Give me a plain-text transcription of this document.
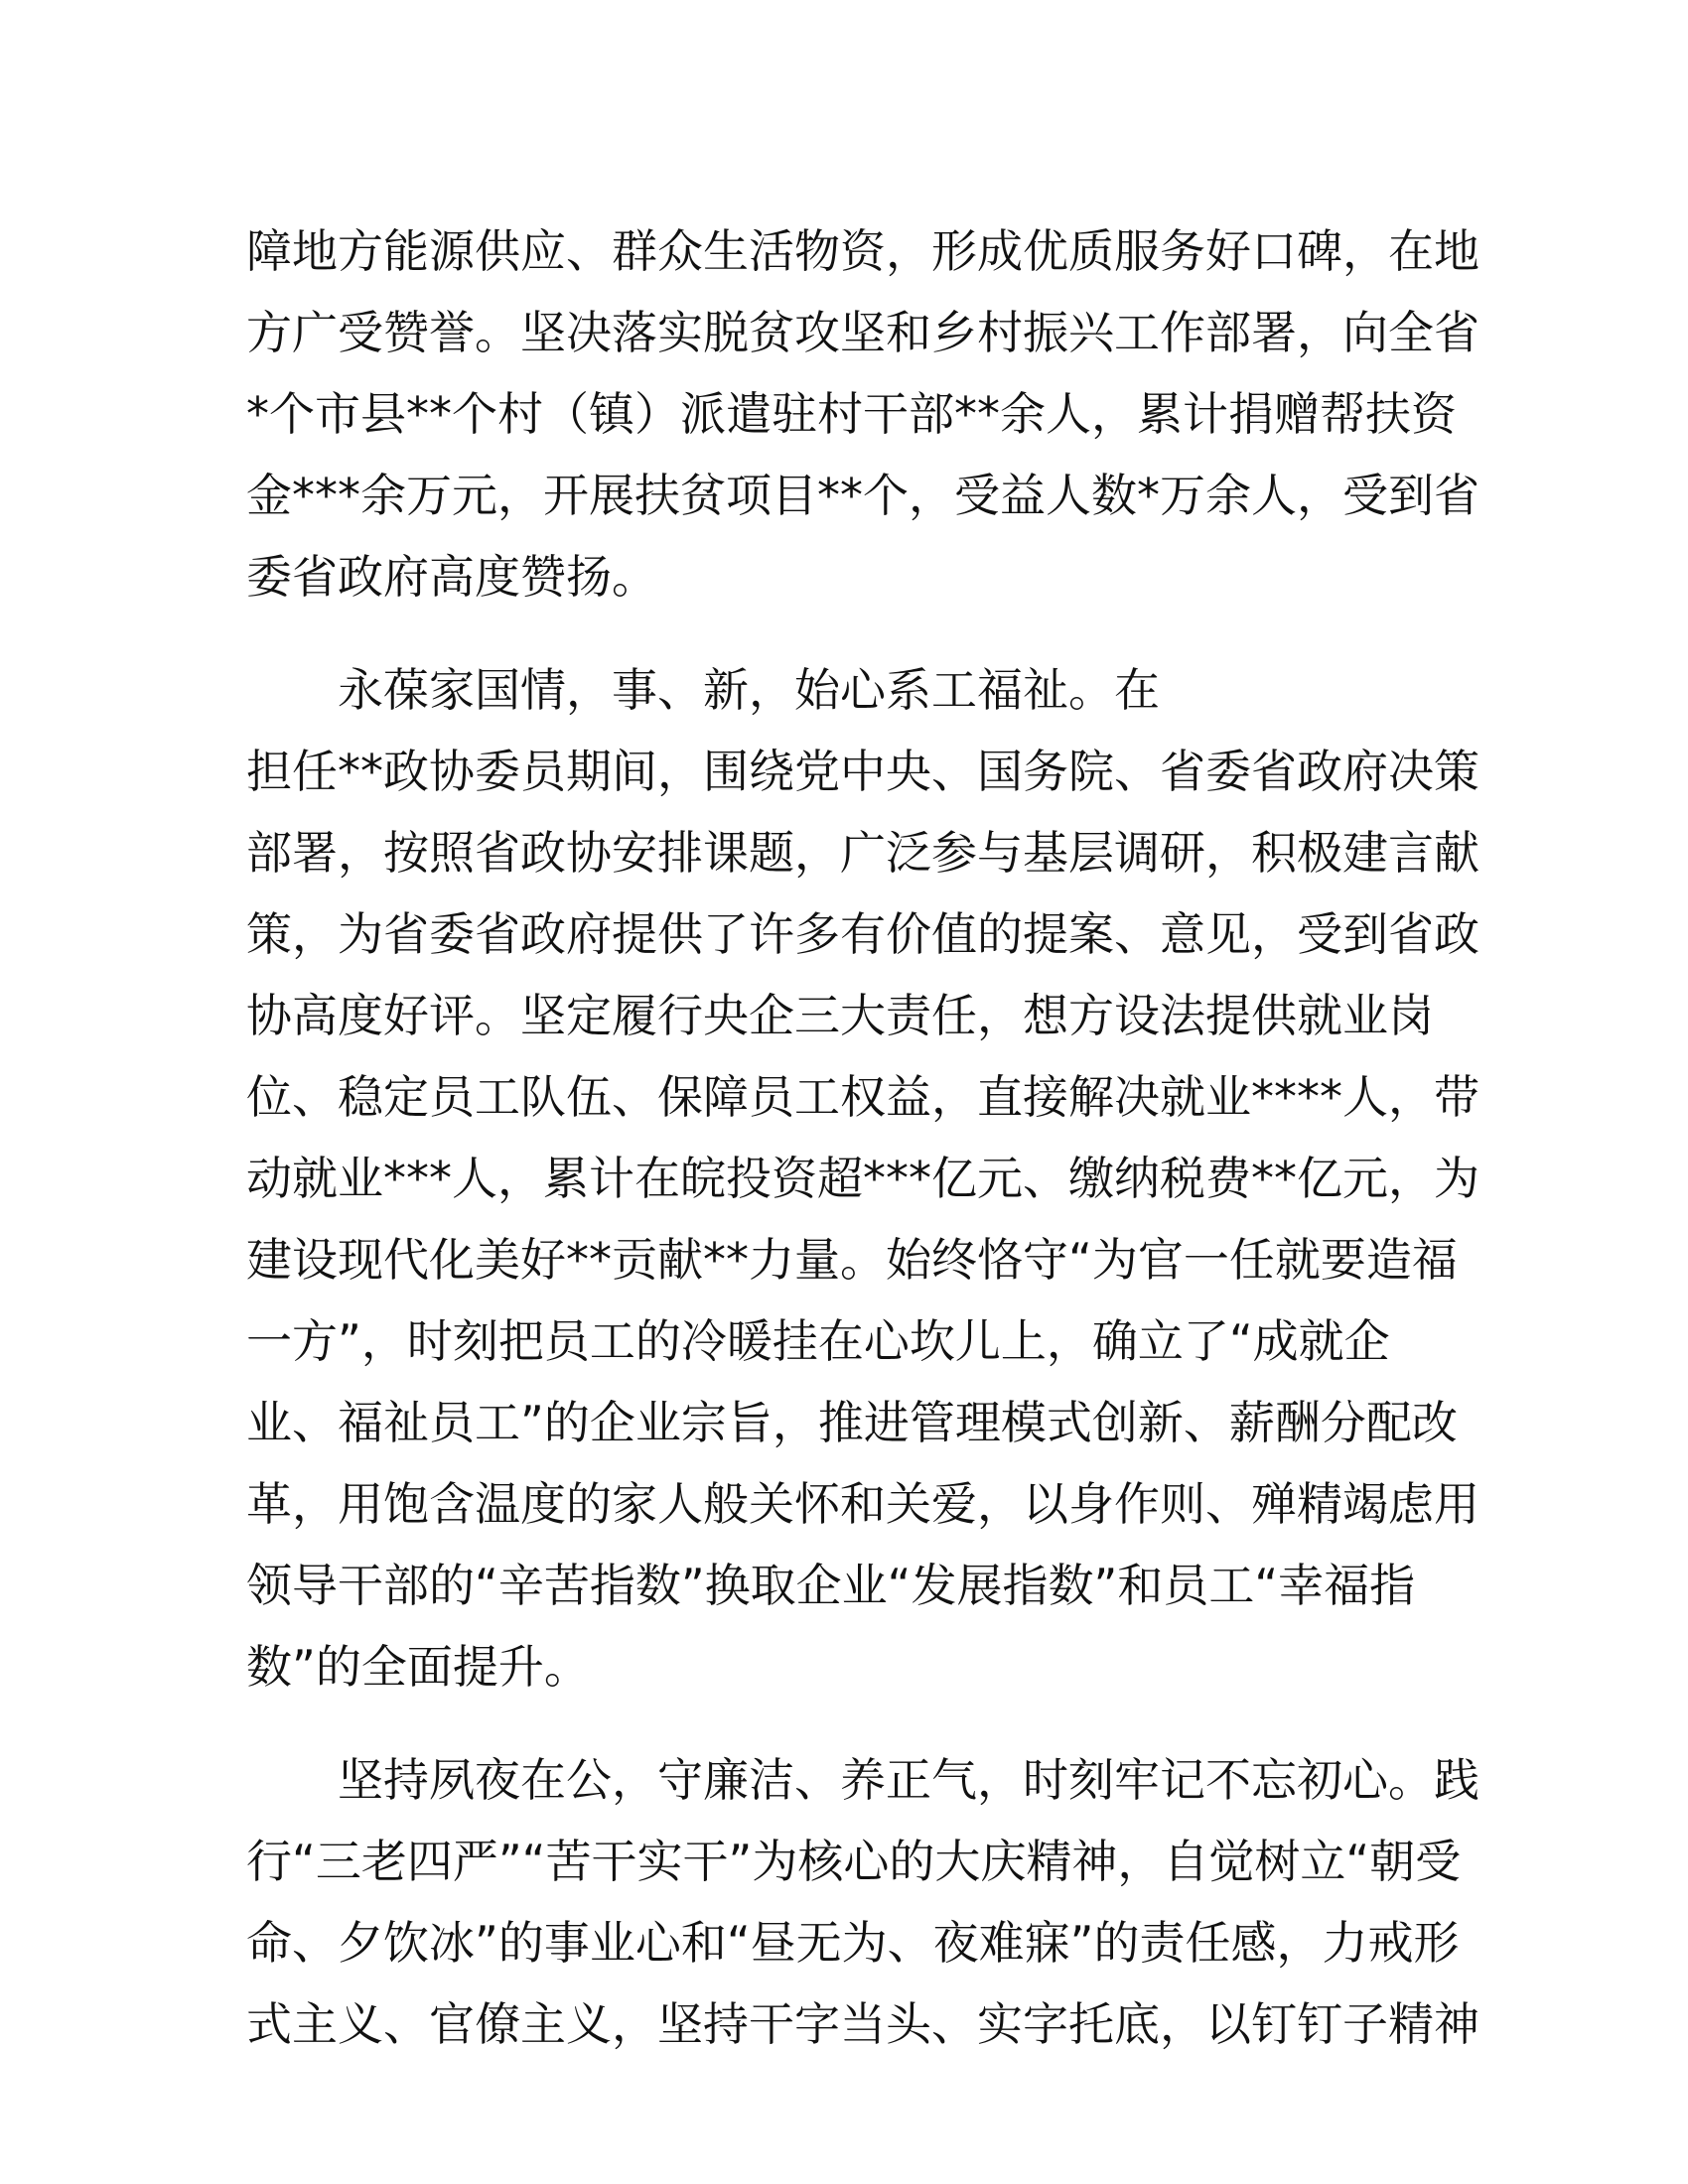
障地方能源供应、群众生活物资，形成优质服务好口碑，在地
方广受赞誉。坚决落实脱贫攻坚和乡村振兴工作部署，向全省
*个市县**个村（镇）派遣驻村干部**余人，累计捐赠帮扶资
金***余万元，开展扶贫项目**个，受益人数*万余人，受到省
委省政府高度赞扬。
　　永葆家国情，事、新，始心系工福祉。在
担任**政协委员期间，围绕党中央、国务院、省委省政府决策
部署，按照省政协安排课题，广泛参与基层调研，积极建言献
策，为省委省政府提供了许多有价值的提案、意见，受到省政
协高度好评。坚定履行央企三大责任，想方设法提供就业岗
位、稳定员工队伍、保障员工权益，直接解决就业****人，带
动就业***人，累计在皖投资超***亿元、缴纳税费**亿元，为
建设现代化美好**贡献**力量。始终恪守“为官一任就要造福
一方”，时刻把员工的冷暖挂在心坎儿上，确立了“成就企
业、福祉员工”的企业宗旨，推进管理模式创新、薪酬分配改
革，用饱含温度的家人般关怀和关爱，以身作则、殚精竭虑用
领导干部的“辛苦指数”换取企业“发展指数”和员工“幸福指
数”的全面提升。
　　坚持夙夜在公，守廉洁、养正气，时刻牢记不忘初心。践
行“三老四严”“苦干实干”为核心的大庆精神，自觉树立“朝受
命、夕饮冰”的事业心和“昼无为、夜难寐”的责任感，力戒形
式主义、官僚主义，坚持干字当头、实字托底，以钉钉子精神
